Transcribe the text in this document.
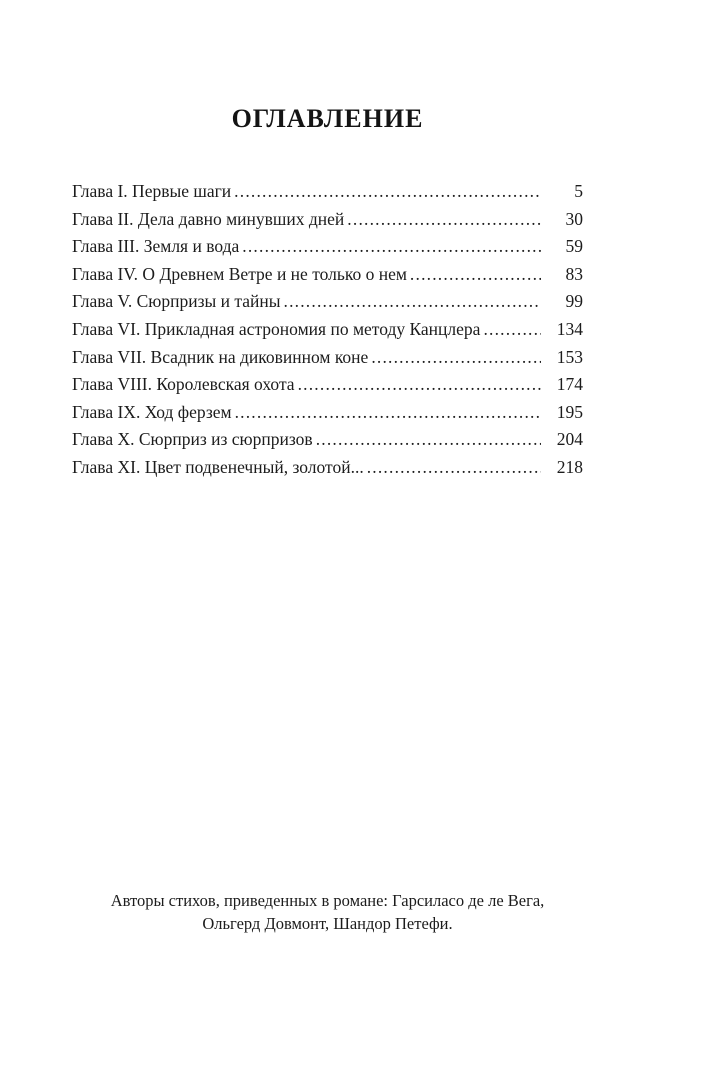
ОГЛАВЛЕНИЕ
Глава I. Первые шаги .....	5
Глава II. Дела давно минувших дней .....	30
Глава III. Земля и вода .....	59
Глава IV. О Древнем Ветре и не только о нем .....	83
Глава V. Сюрпризы и тайны .....	99
Глава VI. Прикладная астрономия по методу Канцлера .....	134
Глава VII. Всадник на диковинном коне .....	153
Глава VIII. Королевская охота .....	174
Глава IX. Ход ферзем .....	195
Глава X. Сюрприз из сюрпризов .....	204
Глава XI. Цвет подвенечный, золотой... .....	218
Авторы стихов, приведенных в романе: Гарсиласо де ле Вега,
Ольгерд Довмонт, Шандор Петефи.
